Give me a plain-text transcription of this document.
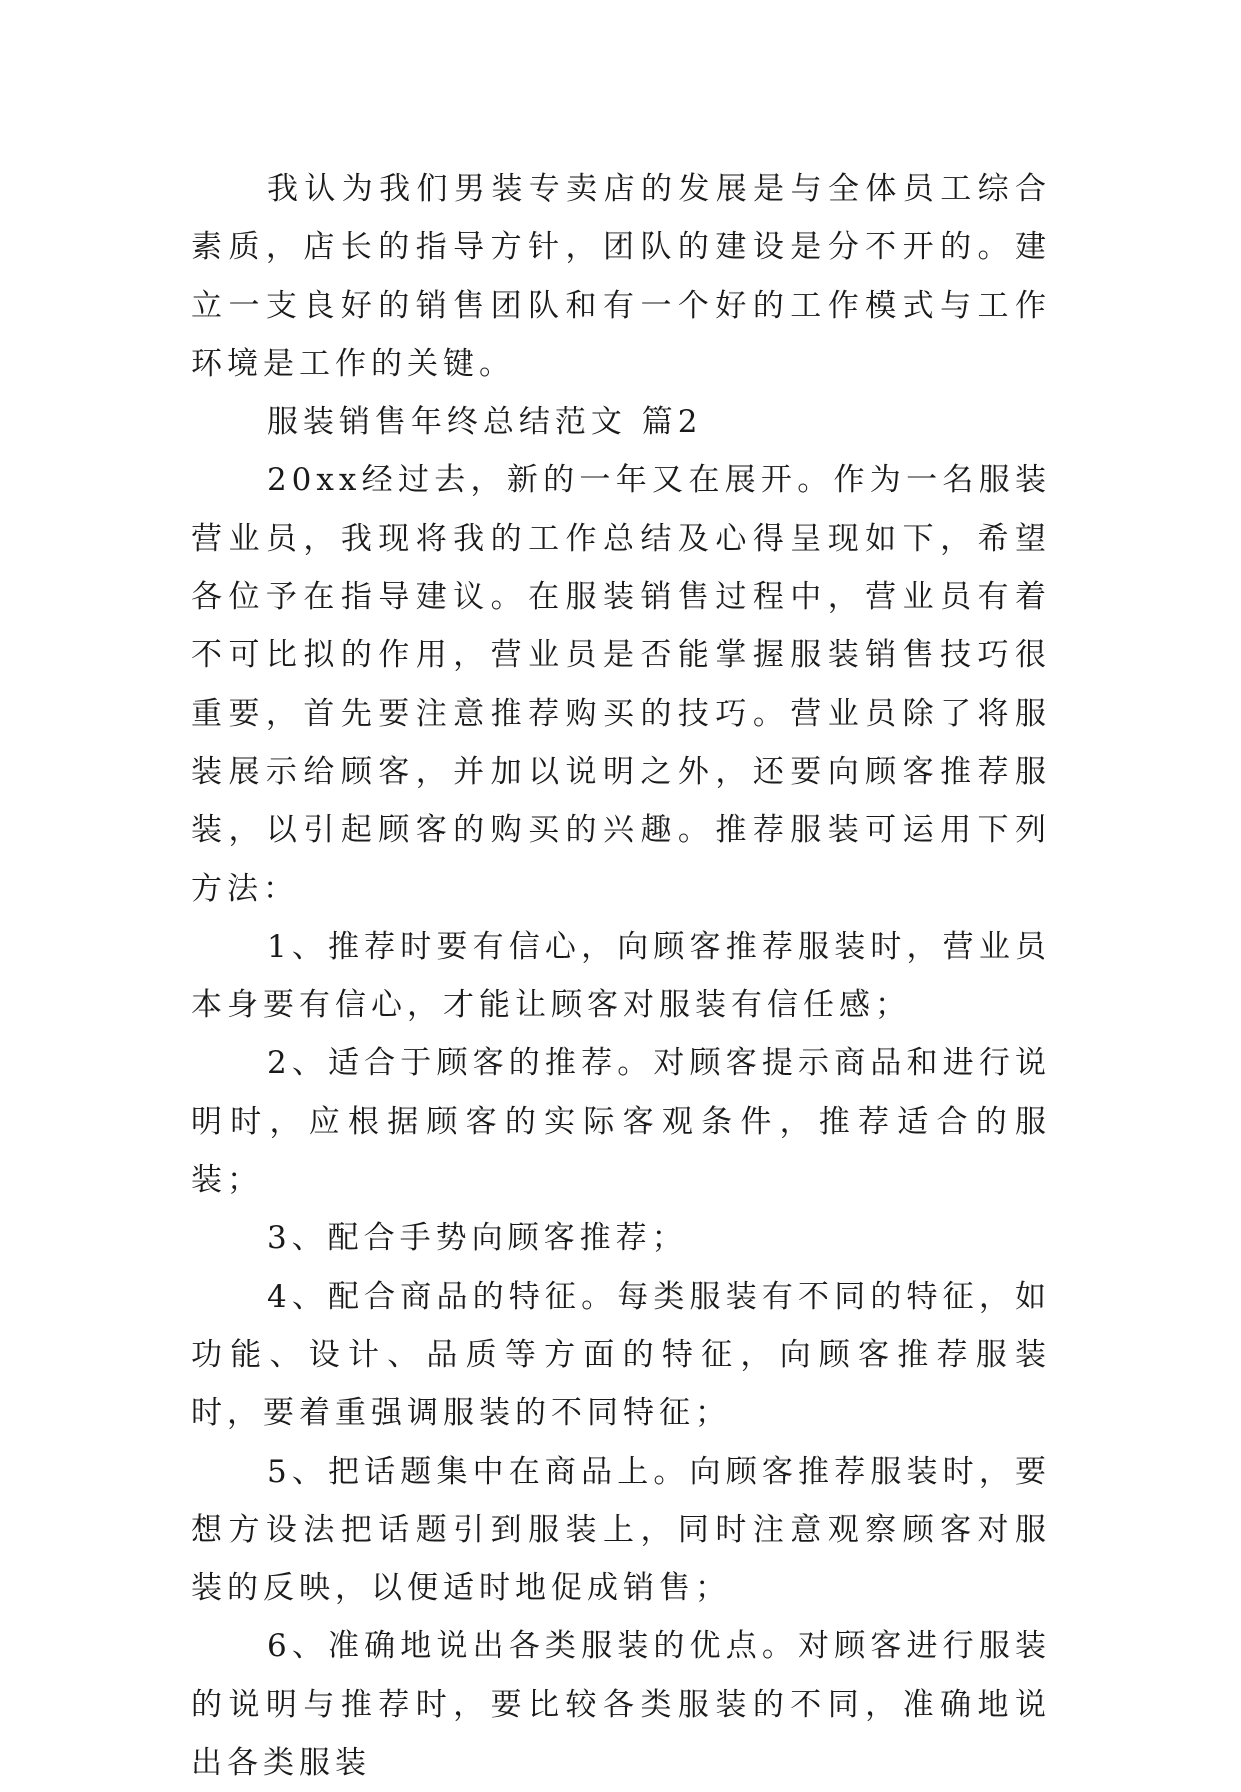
我认为我们男装专卖店的发展是与全体员工综合素质，店长的指导方针，团队的建设是分不开的。建立一支良好的销售团队和有一个好的工作模式与工作环境是工作的关键。

服装销售年终总结范文 篇2

20xx经过去，新的一年又在展开。作为一名服装营业员，我现将我的工作总结及心得呈现如下，希望各位予在指导建议。在服装销售过程中，营业员有着不可比拟的作用，营业员是否能掌握服装销售技巧很重要，首先要注意推荐购买的技巧。营业员除了将服装展示给顾客，并加以说明之外，还要向顾客推荐服装，以引起顾客的购买的兴趣。推荐服装可运用下列方法：

1、推荐时要有信心，向顾客推荐服装时，营业员本身要有信心，才能让顾客对服装有信任感；

2、适合于顾客的推荐。对顾客提示商品和进行说明时，应根据顾客的实际客观条件，推荐适合的服装；

3、配合手势向顾客推荐；

4、配合商品的特征。每类服装有不同的特征，如功能、设计、品质等方面的特征，向顾客推荐服装时，要着重强调服装的不同特征；

5、把话题集中在商品上。向顾客推荐服装时，要想方设法把话题引到服装上，同时注意观察顾客对服装的反映，以便适时地促成销售；

6、准确地说出各类服装的优点。对顾客进行服装的说明与推荐时，要比较各类服装的不同，准确地说出各类服装
